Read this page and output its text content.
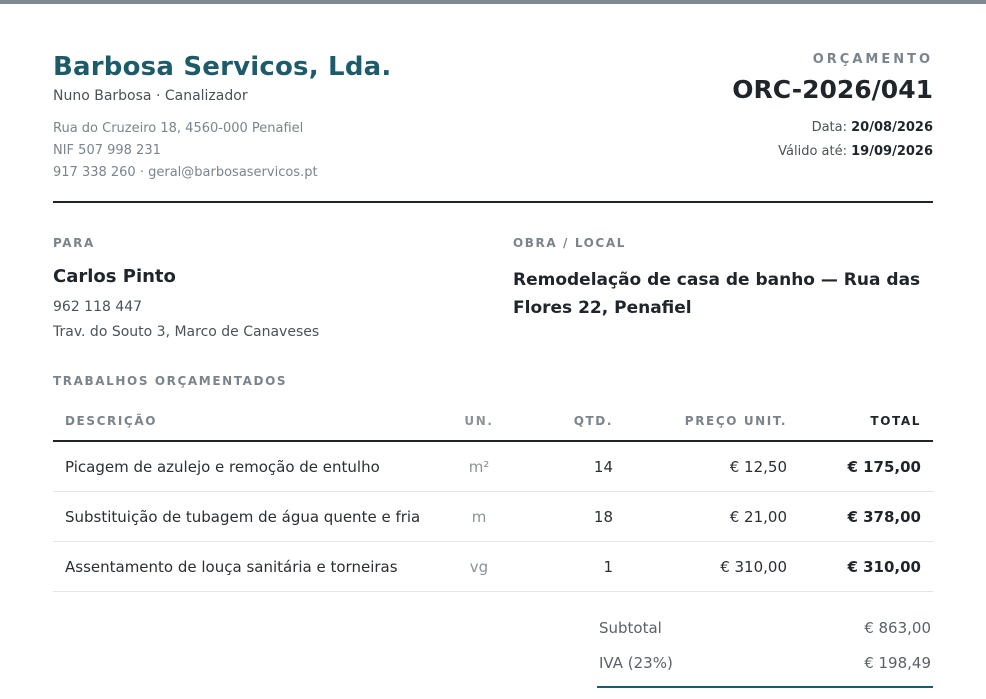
Barbosa Servicos, Lda.
Nuno Barbosa · Canalizador
Rua do Cruzeiro 18, 4560-000 Penafiel
NIF 507 998 231
917 338 260 · geral@barbosaservicos.pt
ORÇAMENTO
ORC-2026/041
Data: 20/08/2026
Válido até: 19/09/2026
PARA
Carlos Pinto
962 118 447
Trav. do Souto 3, Marco de Canaveses
OBRA / LOCAL
Remodelação de casa de banho — Rua das Flores 22, Penafiel
TRABALHOS ORÇAMENTADOS
DESCRIÇÃO	UN.	QTD.	PREÇO UNIT.	TOTAL
Picagem de azulejo e remoção de entulho	m²	14	€ 12,50	€ 175,00
Substituição de tubagem de água quente e fria	m	18	€ 21,00	€ 378,00
Assentamento de louça sanitária e torneiras	vg	1	€ 310,00	€ 310,00
Subtotal	€ 863,00
IVA (23%)	€ 198,49
